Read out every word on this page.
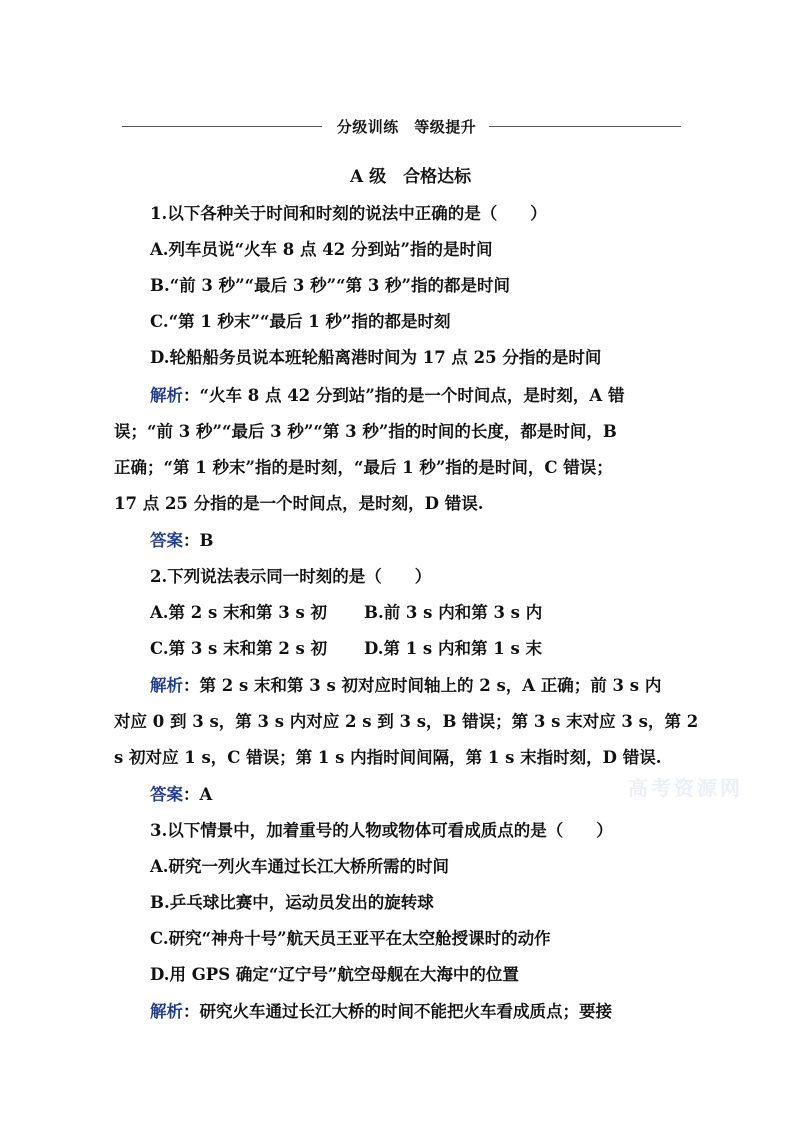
分级训练　等级提升
A 级　合格达标
1.以下各种关于时间和时刻的说法中正确的是（　　）
A.列车员说“火车 8 点 42 分到站”指的是时间
B.“前 3 秒”“最后 3 秒”“第 3 秒”指的都是时间
C.“第 1 秒末”“最后 1 秒”指的都是时刻
D.轮船船务员说本班轮船离港时间为 17 点 25 分指的是时间
解析：“火车 8 点 42 分到站”指的是一个时间点，是时刻，A 错
误；“前 3 秒”“最后 3 秒”“第 3 秒”指的时间的长度，都是时间，B
正确；“第 1 秒末”指的是时刻，“最后 1 秒”指的是时间，C 错误；
17 点 25 分指的是一个时间点，是时刻，D 错误.
答案：B
2.下列说法表示同一时刻的是（　　）
A.第 2 s 末和第 3 s 初 B.前 3 s 内和第 3 s 内
C.第 3 s 末和第 2 s 初 D.第 1 s 内和第 1 s 末
解析：第 2 s 末和第 3 s 初对应时间轴上的 2 s，A 正确；前 3 s 内
对应 0 到 3 s，第 3 s 内对应 2 s 到 3 s，B 错误；第 3 s 末对应 3 s，第 2
s 初对应 1 s，C 错误；第 1 s 内指时间间隔，第 1 s 末指时刻，D 错误.
答案：A
3.以下情景中，加着重号的人物或物体可看成质点的是（　　）
A.研究一列火车通过长江大桥所需的时间
B.乒乓球比赛中，运动员发出的旋转球
C.研究“神舟十号”航天员王亚平在太空舱授课时的动作
D.用 GPS 确定“辽宁号”航空母舰在大海中的位置
解析：研究火车通过长江大桥的时间不能把火车看成质点；要接
高考资源网
